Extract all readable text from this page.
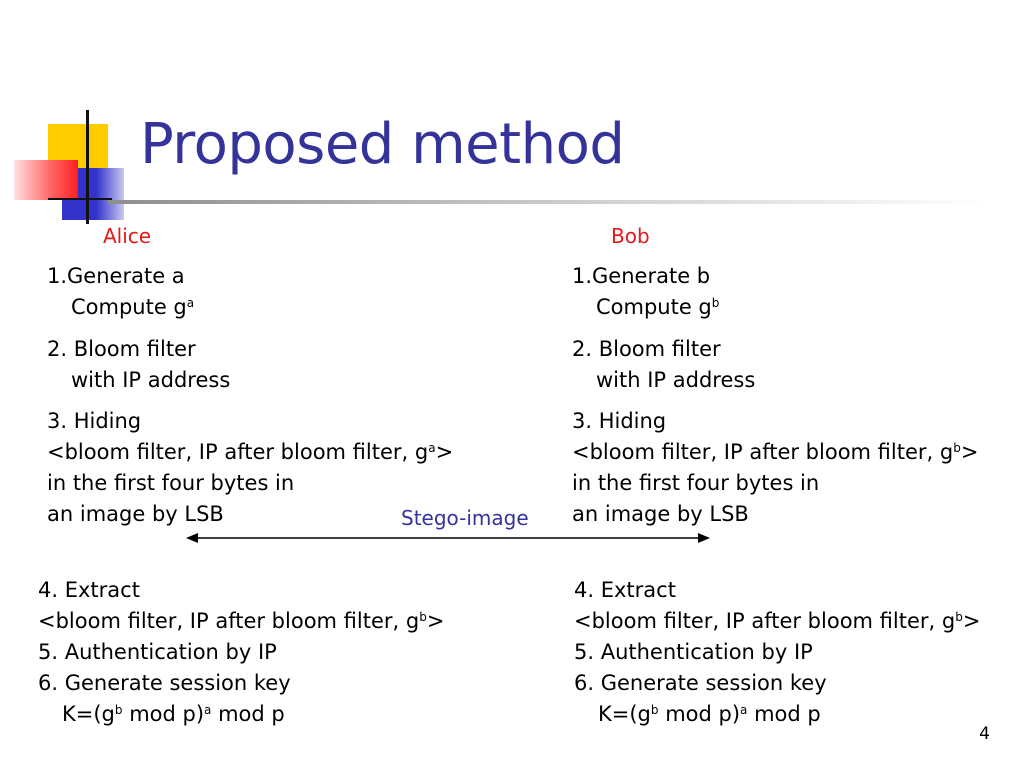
Proposed method
Alice
1.Generate a
Compute $g^a$
2. Bloom filter
with IP address
3. Hiding
<bloom filter, IP after bloom filter, $g^a>$
in the first four bytes in
an image by LSB
Bob
1.Generate b
Compute $g^b$
2. Bloom filter
with IP address
3. Hiding
<bloom filter, IP after bloom filter, $g^b>$
in the first four bytes in
an image by LSB
Stego-image
4. Extract
<bloom filter, IP after bloom filter, $g^b>$
5. Authentication by IP
6. Generate session key
$K=(g^b$ mod p)$^a$ mod p
4. Extract
<bloom filter, IP after bloom filter, $g^b>$
5. Authentication by IP
6. Generate session key
$K=(g^b$ mod p)$^a$ mod p
4
